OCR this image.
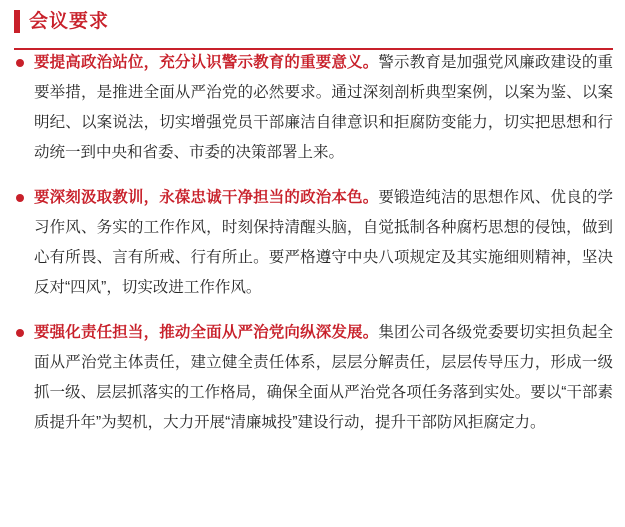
会议要求
要提高政治站位，充分认识警示教育的重要意义。警示教育是加强党风廉政建设的重要举措，是推进全面从严治党的必然要求。通过深刻剖析典型案例，以案为鉴、以案明纪、以案说法，切实增强党员干部廉洁自律意识和拒腐防变能力，切实把思想和行动统一到中央和省委、市委的决策部署上来。
要深刻汲取教训，永葆忠诚干净担当的政治本色。要锻造纯洁的思想作风、优良的学习作风、务实的工作作风，时刻保持清醒头脑，自觉抵制各种腐朽思想的侵蚀，做到心有所畏、言有所戒、行有所止。要严格遵守中央八项规定及其实施细则精神，坚决反对“四风”，切实改进工作作风。
要强化责任担当，推动全面从严治党向纵深发展。集团公司各级党委要切实担负起全面从严治党主体责任，建立健全责任体系，层层分解责任，层层传导压力，形成一级抓一级、层层抓落实的工作格局，确保全面从严治党各项任务落到实处。要以“干部素质提升年”为契机，大力开展“清廉城投”建设行动，提升干部防风拒腐定力。
